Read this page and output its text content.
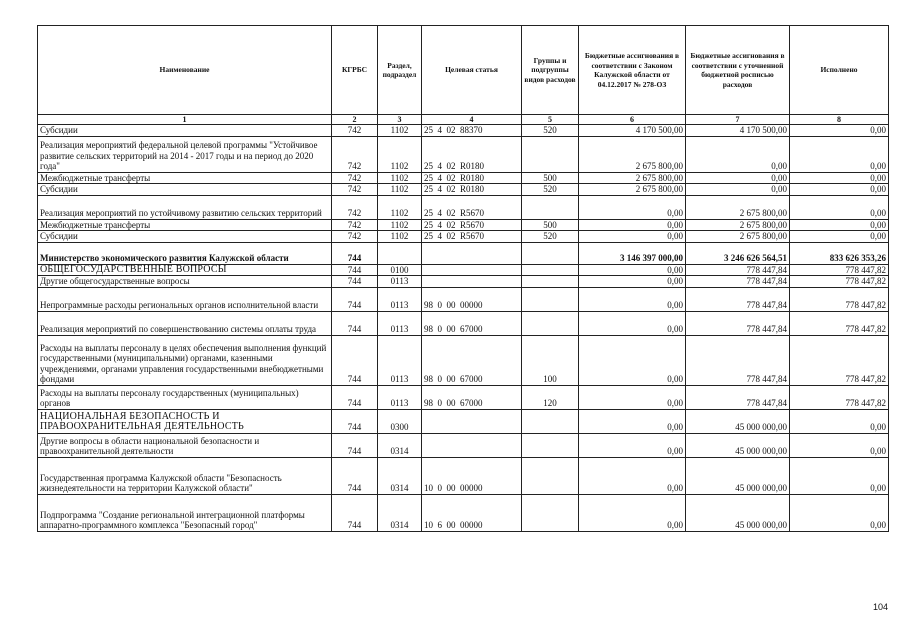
Наименование	КГРБС	Раздел, подраздел	Целевая статья	Группы и подгруппы видов расходов	Бюджетные ассигнования в соответствии с Законом Калужской области от 04.12.2017 № 278-ОЗ	Бюджетные ассигнования в соответствии с уточненной бюджетной росписью расходов	Исполнено
1	2	3	4	5	6	7	8
Субсидии	742	1102	25  4  02  88370	520	4 170 500,00	4 170 500,00	0,00
Реализация мероприятий федеральной целевой программы "Устойчивое развитие сельских территорий на 2014 - 2017 годы и на период до 2020 года"	742	1102	25  4  02  R0180		2 675 800,00	0,00	0,00
Межбюджетные трансферты	742	1102	25  4  02  R0180	500	2 675 800,00	0,00	0,00
Субсидии	742	1102	25  4  02  R0180	520	2 675 800,00	0,00	0,00
Реализация мероприятий по устойчивому развитию сельских территорий	742	1102	25  4  02  R5670		0,00	2 675 800,00	0,00
Межбюджетные трансферты	742	1102	25  4  02  R5670	500	0,00	2 675 800,00	0,00
Субсидии	742	1102	25  4  02  R5670	520	0,00	2 675 800,00	0,00
Министерство экономического развития Калужской области	744				3 146 397 000,00	3 246 626 564,51	833 626 353,26
ОБЩЕГОСУДАРСТВЕННЫЕ ВОПРОСЫ	744	0100			0,00	778 447,84	778 447,82
Другие общегосударственные вопросы	744	0113			0,00	778 447,84	778 447,82
Непрограммные расходы региональных органов исполнительной власти	744	0113	98  0  00  00000		0,00	778 447,84	778 447,82
Реализация мероприятий по совершенствованию системы оплаты труда	744	0113	98  0  00  67000		0,00	778 447,84	778 447,82
Расходы на выплаты персоналу в целях обеспечения выполнения функций государственными (муниципальными) органами, казенными учреждениями, органами управления государственными внебюджетными фондами	744	0113	98  0  00  67000	100	0,00	778 447,84	778 447,82
Расходы на выплаты персоналу государственных (муниципальных) органов	744	0113	98  0  00  67000	120	0,00	778 447,84	778 447,82
НАЦИОНАЛЬНАЯ БЕЗОПАСНОСТЬ И ПРАВООХРАНИТЕЛЬНАЯ ДЕЯТЕЛЬНОСТЬ	744	0300			0,00	45 000 000,00	0,00
Другие вопросы в области национальной безопасности и правоохранительной деятельности	744	0314			0,00	45 000 000,00	0,00
Государственная программа Калужской области "Безопасность жизнедеятельности на территории Калужской области"	744	0314	10  0  00  00000		0,00	45 000 000,00	0,00
Подпрограмма "Создание региональной интеграционной платформы аппаратно-программного комплекса "Безопасный город"	744	0314	10  6  00  00000		0,00	45 000 000,00	0,00
104
